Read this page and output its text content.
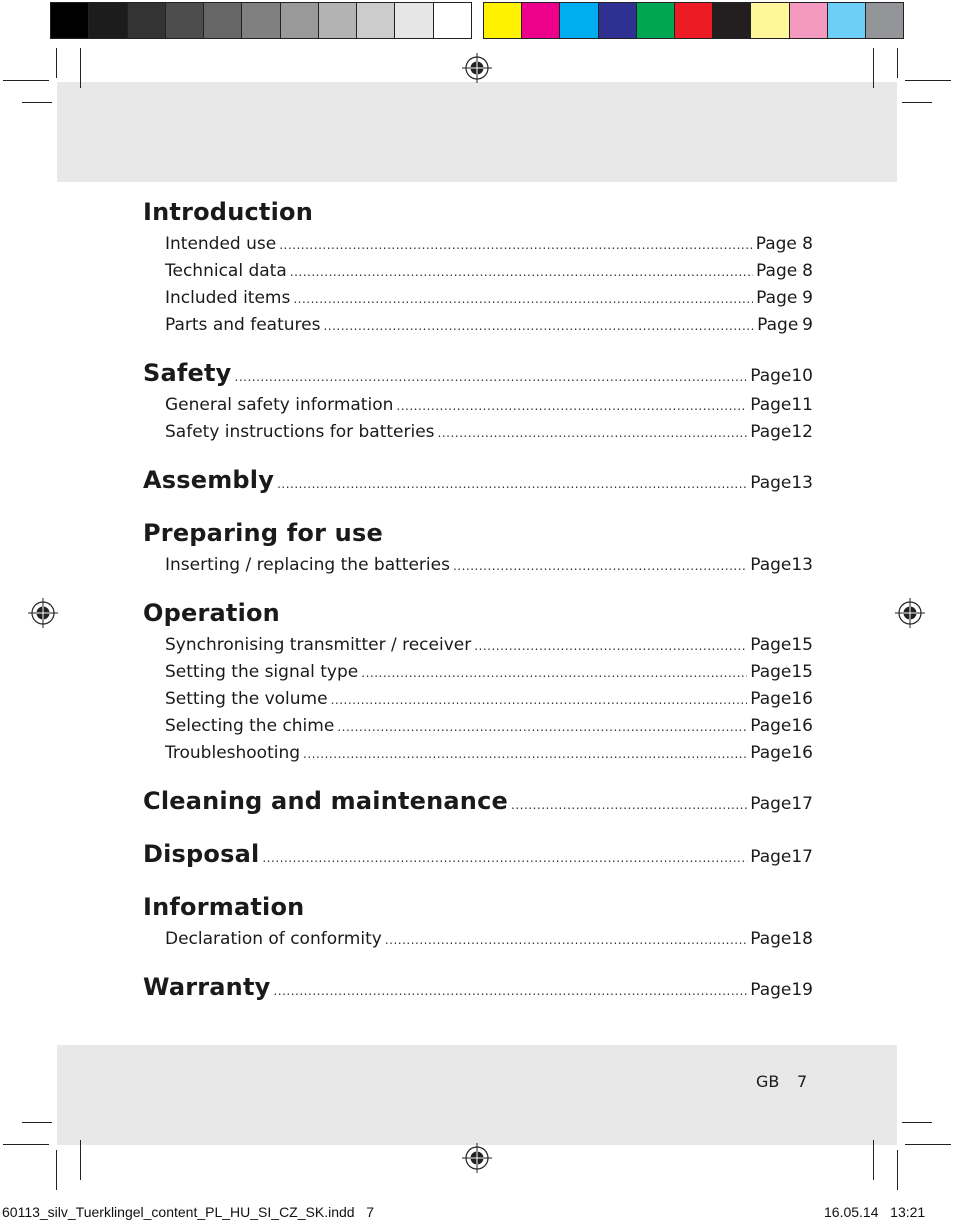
Introduction
Intended use .....	Page 8
Technical data .....	Page 8
Included items .....	Page 9
Parts and features .....	Page 9
Safety .....	Page 10
General safety information .....	Page 11
Safety instructions for batteries .....	Page 12
Assembly .....	Page 13
Preparing for use
Inserting / replacing the batteries .....	Page 13
Operation
Synchronising transmitter / receiver .....	Page 15
Setting the signal type .....	Page 15
Setting the volume .....	Page 16
Selecting the chime .....	Page 16
Troubleshooting .....	Page 16
Cleaning and maintenance .....	Page 17
Disposal .....	Page 17
Information
Declaration of conformity .....	Page 18
Warranty .....	Page 19
GB 7
60113_silv_Tuerklingel_content_PL_HU_SI_CZ_SK.indd   7	16.05.14   13:21
